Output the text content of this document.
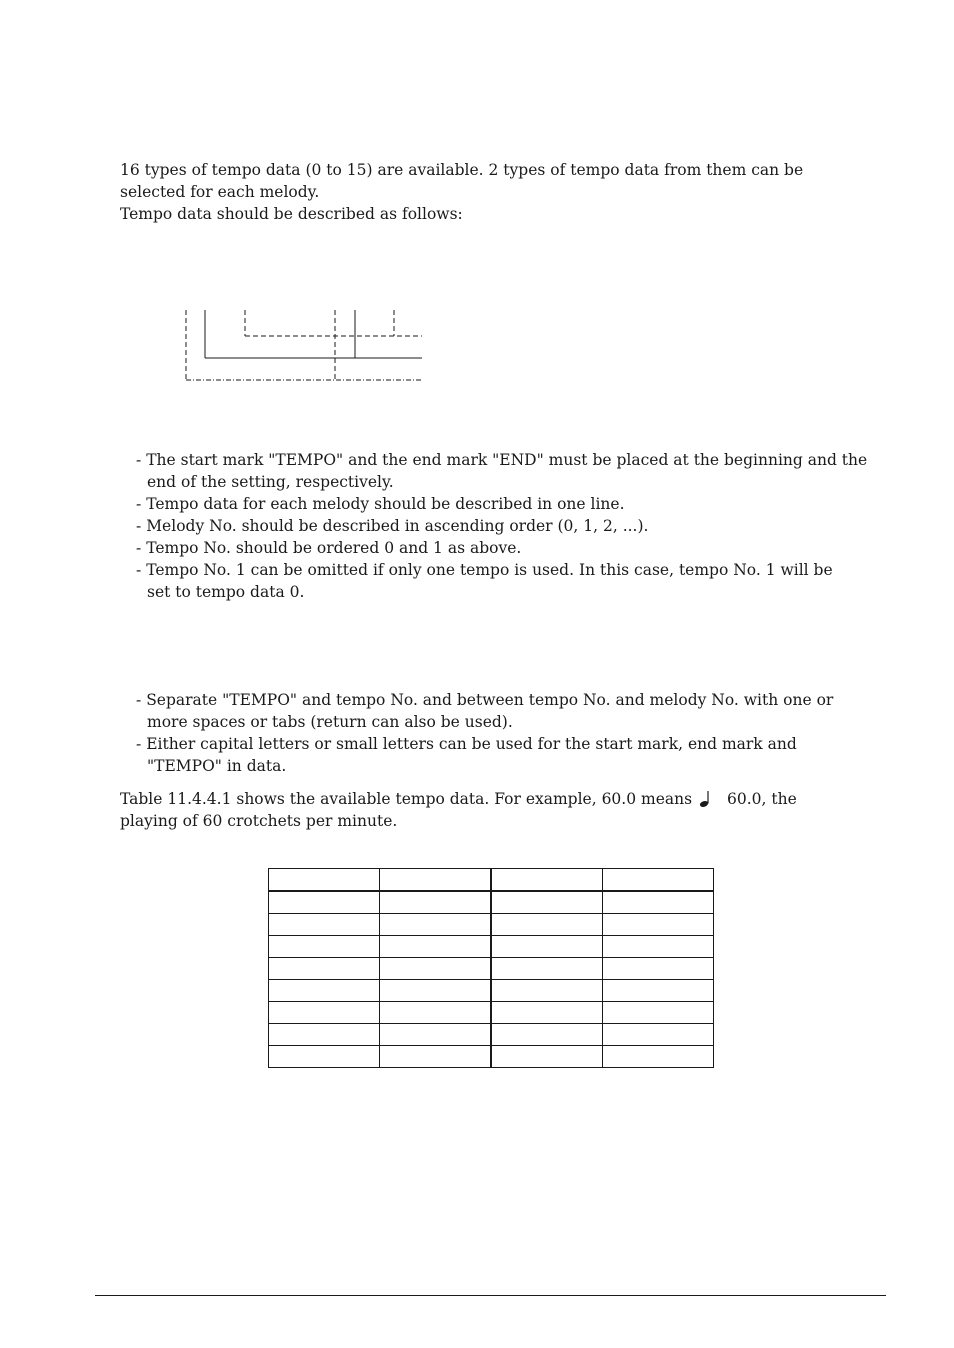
16 types of tempo data (0 to 15) are available. 2 types of tempo data from them can be selected for each melody.
Tempo data should be described as follows:

- The start mark "TEMPO" and the end mark "END" must be placed at the beginning and the end of the setting, respectively.
- Tempo data for each melody should be described in one line.
- Melody No. should be described in ascending order (0, 1, 2, ...).
- Tempo No. should be ordered 0 and 1 as above.
- Tempo No. 1 can be omitted if only one tempo is used. In this case, tempo No. 1 will be set to tempo data 0.
- Separate "TEMPO" and tempo No. and between tempo No. and melody No. with one or more spaces or tabs (return can also be used).
- Either capital letters or small letters can be used for the start mark, end mark and "TEMPO" in data.

Table 11.4.4.1 shows the available tempo data. For example, 60.0 means 60.0, the playing of 60 crotchets per minute.
